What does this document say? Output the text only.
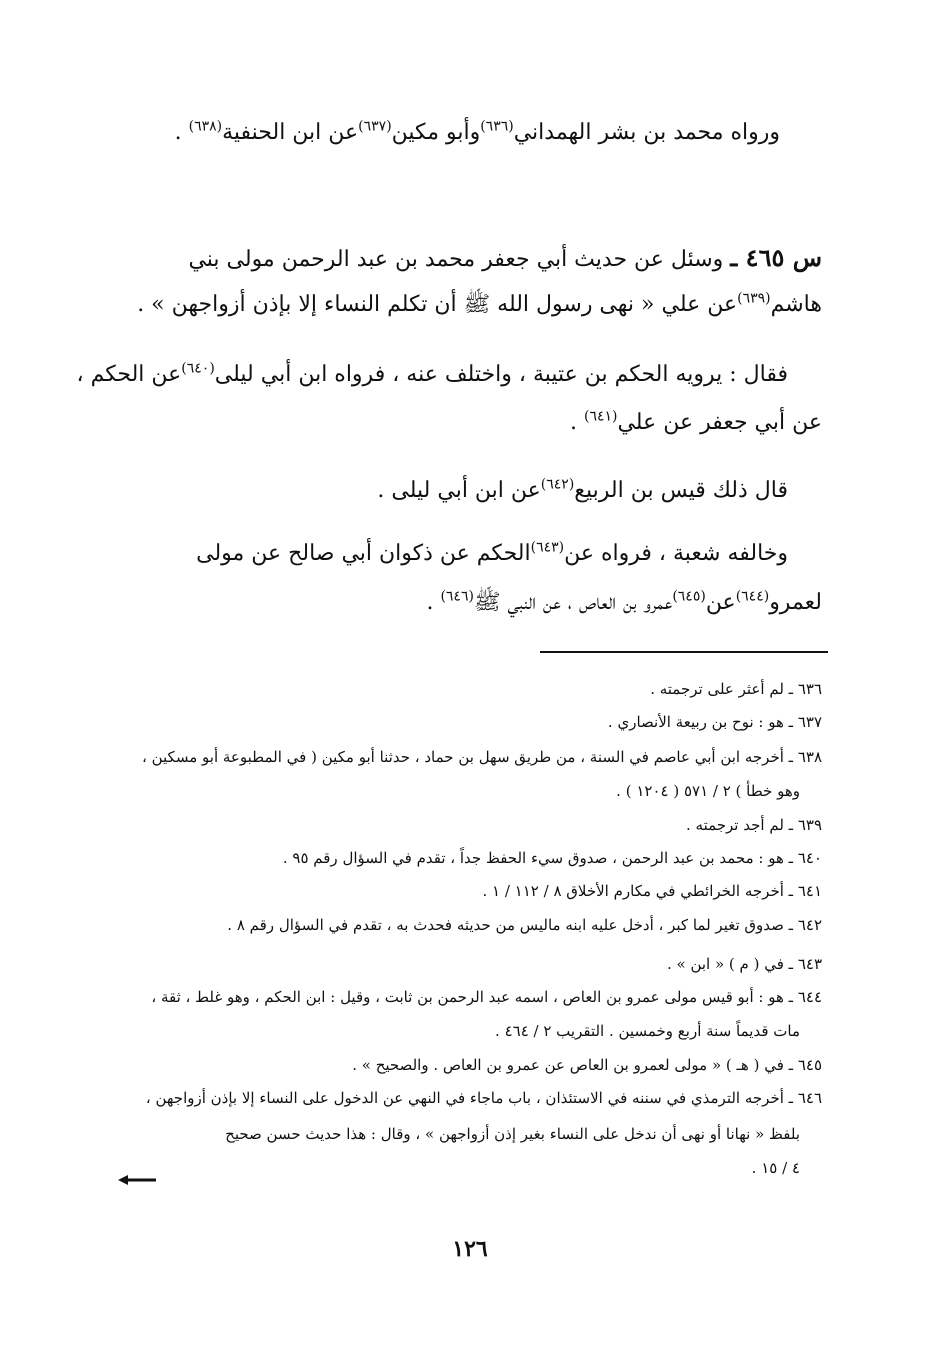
ورواه محمد بن بشر الهمداني$^{(٦٣٦)}$وأبو مكين$^{(٦٣٧)}$عن ابن الحنفية$^{(٦٣٨)}$ .
س ٤٦٥ ـ وسئل عن حديث أبي جعفر محمد بن عبد الرحمن مولى بني
هاشم$^{(٦٣٩)}$عن علي « نهى رسول الله ﷺ أن تكلم النساء إلا بإذن أزواجهن » .
فقال : يرويه الحكم بن عتيبة ، واختلف عنه ، فرواه ابن أبي ليلى$^{(٦٤٠)}$عن الحكم ،
عن أبي جعفر عن علي$^{(٦٤١)}$ .
قال ذلك قيس بن الربيع$^{(٦٤٢)}$عن ابن أبي ليلى .
وخالفه شعبة ، فرواه عن$^{(٦٤٣)}$الحكم عن ذكوان أبي صالح عن مولى
لعمرو$^{(٦٤٤)}$عن$^{(٦٤٥)}$عمرو بن العاص ، عن النبي ﷺ$^{(٦٤٦)}$ .
٦٣٦ ـ لم أعثر على ترجمته .
٦٣٧ ـ هو : نوح بن ربيعة الأنصاري .
٦٣٨ ـ أخرجه ابن أبي عاصم في السنة ، من طريق سهل بن حماد ، حدثنا أبو مكين ( في المطبوعة أبو مسكين ،
وهو خطأ ) ٢ / ٥٧١ ( ١٢٠٤ ) .
٦٣٩ ـ لم أجد ترجمته .
٦٤٠ ـ هو : محمد بن عبد الرحمن ، صدوق سيء الحفظ جداً ، تقدم في السؤال رقم ٩٥ .
٦٤١ ـ أخرجه الخرائطي في مكارم الأخلاق ٨ / ١١٢ / ١ .
٦٤٢ ـ صدوق تغير لما كبر ، أدخل عليه ابنه ماليس من حديثه فحدث به ، تقدم في السؤال رقم ٨ .
٦٤٣ ـ في ( م ) « ابن » .
٦٤٤ ـ هو : أبو قيس مولى عمرو بن العاص ، اسمه عبد الرحمن بن ثابت ، وقيل : ابن الحكم ، وهو غلط ، ثقة ،
مات قديماً سنة أربع وخمسين . التقريب ٢ / ٤٦٤ .
٦٤٥ ـ في ( هـ ) « مولى لعمرو بن العاص عن عمرو بن العاص . والصحيح » .
٦٤٦ ـ أخرجه الترمذي في سننه في الاستئذان ، باب ماجاء في النهي عن الدخول على النساء إلا بإذن أزواجهن ،
بلفظ « نهانا أو نهى أن ندخل على النساء بغير إذن أزواجهن » ، وقال : هذا حديث حسن صحيح
٤ / ١٥ .
١٢٦
